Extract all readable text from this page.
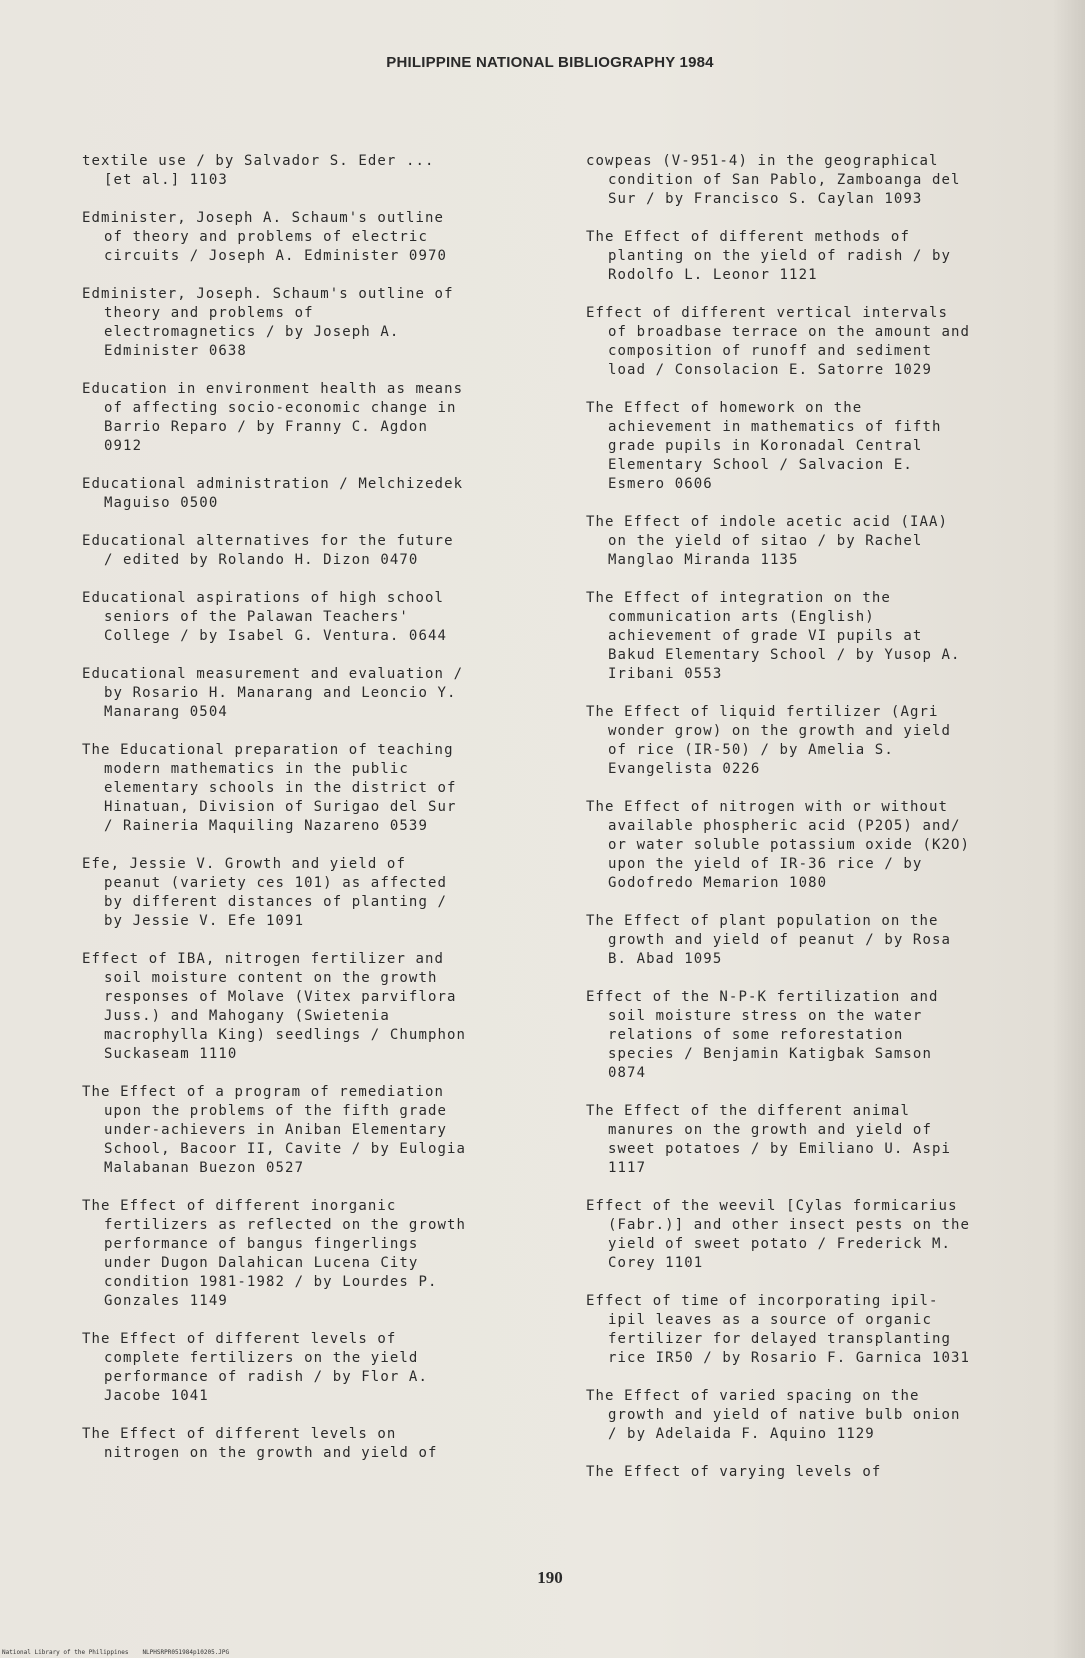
PHILIPPINE NATIONAL BIBLIOGRAPHY 1984

textile use / by Salvador S. Eder ...
[et al.] 1103

Edminister, Joseph A. Schaum's outline
of theory and problems of electric
circuits / Joseph A. Edminister 0970

Edminister, Joseph. Schaum's outline of
theory and problems of
electromagnetics / by Joseph A.
Edminister 0638

Education in environment health as means
of affecting socio-economic change in
Barrio Reparo / by Franny C. Agdon
0912

Educational administration / Melchizedek
Maguiso 0500

Educational alternatives for the future
/ edited by Rolando H. Dizon 0470

Educational aspirations of high school
seniors of the Palawan Teachers'
College / by Isabel G. Ventura. 0644

Educational measurement and evaluation /
by Rosario H. Manarang and Leoncio Y.
Manarang 0504

The Educational preparation of teaching
modern mathematics in the public
elementary schools in the district of
Hinatuan, Division of Surigao del Sur
/ Raineria Maquiling Nazareno 0539

Efe, Jessie V. Growth and yield of
peanut (variety ces 101) as affected
by different distances of planting /
by Jessie V. Efe 1091

Effect of IBA, nitrogen fertilizer and
soil moisture content on the growth
responses of Molave (Vitex parviflora
Juss.) and Mahogany (Swietenia
macrophylla King) seedlings / Chumphon
Suckaseam 1110

The Effect of a program of remediation
upon the problems of the fifth grade
under-achievers in Aniban Elementary
School, Bacoor II, Cavite / by Eulogia
Malabanan Buezon 0527

The Effect of different inorganic
fertilizers as reflected on the growth
performance of bangus fingerlings
under Dugon Dalahican Lucena City
condition 1981-1982 / by Lourdes P.
Gonzales 1149

The Effect of different levels of
complete fertilizers on the yield
performance of radish / by Flor A.
Jacobe 1041

The Effect of different levels on
nitrogen on the growth and yield of

cowpeas (V-951-4) in the geographical
condition of San Pablo, Zamboanga del
Sur / by Francisco S. Caylan 1093

The Effect of different methods of
planting on the yield of radish / by
Rodolfo L. Leonor 1121

Effect of different vertical intervals
of broadbase terrace on the amount and
composition of runoff and sediment
load / Consolacion E. Satorre 1029

The Effect of homework on the
achievement in mathematics of fifth
grade pupils in Koronadal Central
Elementary School / Salvacion E.
Esmero 0606

The Effect of indole acetic acid (IAA)
on the yield of sitao / by Rachel
Manglao Miranda 1135

The Effect of integration on the
communication arts (English)
achievement of grade VI pupils at
Bakud Elementary School / by Yusop A.
Iribani 0553

The Effect of liquid fertilizer (Agri
wonder grow) on the growth and yield
of rice (IR-50) / by Amelia S.
Evangelista 0226

The Effect of nitrogen with or without
available phospheric acid (P2O5) and/
or water soluble potassium oxide (K2O)
upon the yield of IR-36 rice / by
Godofredo Memarion 1080

The Effect of plant population on the
growth and yield of peanut / by Rosa
B. Abad 1095

Effect of the N-P-K fertilization and
soil moisture stress on the water
relations of some reforestation
species / Benjamin Katigbak Samson
0874

The Effect of the different animal
manures on the growth and yield of
sweet potatoes / by Emiliano U. Aspi
1117

Effect of the weevil [Cylas formicarius
(Fabr.)] and other insect pests on the
yield of sweet potato / Frederick M.
Corey 1101

Effect of time of incorporating ipil-
ipil leaves as a source of organic
fertilizer for delayed transplanting
rice IR50 / by Rosario F. Garnica 1031

The Effect of varied spacing on the
growth and yield of native bulb onion
/ by Adelaida F. Aquino 1129

The Effect of varying levels of

190
National Library of the Philippines NLPHSRPR051984p10205.JPG
